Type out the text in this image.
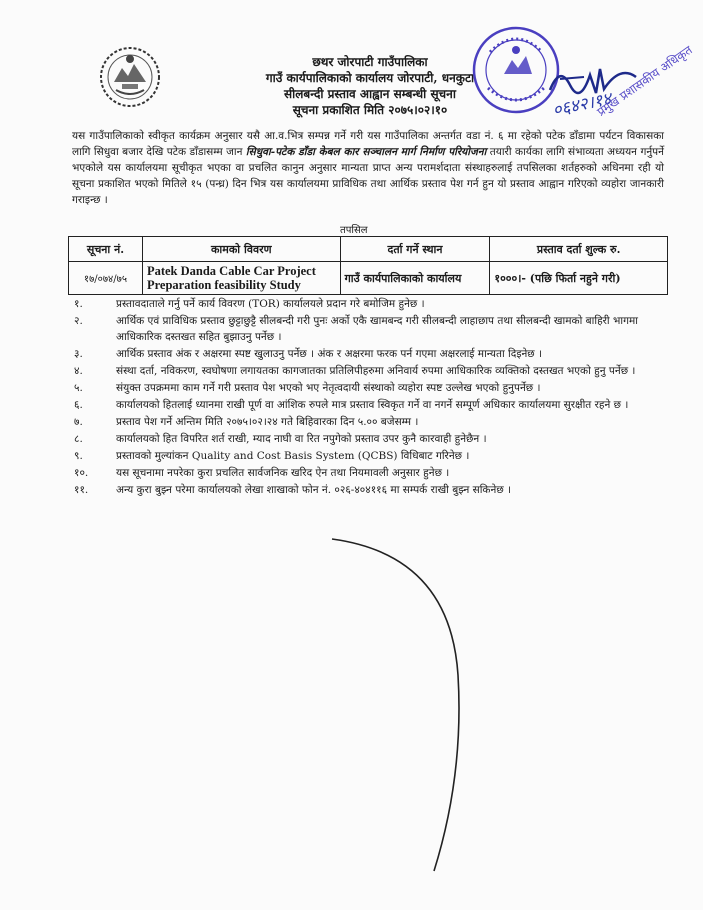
छथर जोरपाटी गाउँपालिका
गाउँ कार्यपालिकाको कार्यालय जोरपाटी, धनकुटा
सीलबन्दी प्रस्ताव आह्वान सम्बन्धी सूचना
सूचना प्रकाशित मिति २०७५।०२।१०	०६४२।१४
प्रमुख प्रशासकीय अधिकृत
यस गाउँपालिकाको स्वीकृत कार्यक्रम अनुसार यसै आ.व.भित्र सम्पन्न गर्ने गरी यस गाउँपालिका अन्तर्गत वडा नं. ६ मा रहेको पटेक डाँडामा पर्यटन विकासका लागि सिधुवा बजार देखि पटेक डाँडासम्म जान सिधुवा-पटेक डाँडा केबल कार सञ्चालन मार्ग निर्माण परियोजना तयारी कार्यका लागि संभाव्यता अध्ययन गर्नुपर्ने भएकोले यस कार्यालयमा सूचीकृत भएका वा प्रचलित कानुन अनुसार मान्यता प्राप्त अन्य परामर्शदाता संस्थाहरुलाई तपसिलका शर्तहरुको अधिनमा रही यो सूचना प्रकाशित भएको मितिले १५ (पन्ध्र) दिन भित्र यस कार्यालयमा प्राविधिक तथा आर्थिक प्रस्ताव पेश गर्न हुन यो प्रस्ताव आह्वान गरिएको व्यहोरा जानकारी गराइन्छ ।
तपसिल
सूचना नं.	कामको विवरण	दर्ता गर्ने स्थान	प्रस्ताव दर्ता शुल्क रु.
१७/०७४/७५	Patek Danda Cable Car Project Preparation feasibility Study	गाउँ कार्यपालिकाको कार्यालय	१०००।- (पछि फिर्ता नहुने गरी)
१.	प्रस्तावदाताले गर्नु पर्ने कार्य विवरण (TOR) कार्यालयले प्रदान गरे बमोजिम हुनेछ ।
२.	आर्थिक एवं प्राविधिक प्रस्ताव छुट्टाछुट्टै सीलबन्दी गरी पुनः अर्को एकै खामबन्द गरी सीलबन्दी लाहाछाप तथा सीलबन्दी खामको बाहिरी भागमा आधिकारिक दस्तखत सहित बुझाउनु पर्नेछ ।
३.	आर्थिक प्रस्ताव अंक र अक्षरमा स्पष्ट खुलाउनु पर्नेछ । अंक र अक्षरमा फरक पर्न गएमा अक्षरलाई मान्यता दिइनेछ ।
४.	संस्था दर्ता, नविकरण, स्वघोषणा लगायतका कागजातका प्रतिलिपीहरुमा अनिवार्य रुपमा आधिकारिक व्यक्तिको दस्तखत भएको हुनु पर्नेछ ।
५.	संयुक्त उपक्रममा काम गर्ने गरी प्रस्ताव पेश भएको भए नेतृत्वदायी संस्थाको व्यहोरा स्पष्ट उल्लेख भएको हुनुपर्नेछ ।
६.	कार्यालयको हितलाई ध्यानमा राखी पूर्ण वा आंशिक रुपले मात्र प्रस्ताव स्विकृत गर्ने वा नगर्ने सम्पूर्ण अधिकार कार्यालयमा सुरक्षीत रहने छ ।
७.	प्रस्ताव पेश गर्ने अन्तिम मिति २०७५।०२।२४ गते बिहिवारका दिन ५.०० बजेसम्म ।
८.	कार्यालयको हित विपरित शर्त राखी, म्याद नाघी वा रित नपुगेको प्रस्ताव उपर कुनै कारवाही हुनेछैन ।
९.	प्रस्तावको मुल्यांकन Quality and Cost Basis System (QCBS) विधिबाट गरिनेछ ।
१०.	यस सूचनामा नपरेका कुरा प्रचलित सार्वजनिक खरिद ऐन तथा नियमावली अनुसार हुनेछ ।
११.	अन्य कुरा बुझ्न परेमा कार्यालयको लेखा शाखाको फोन नं. ०२६-४०४११६ मा सम्पर्क राखी बुझ्न सकिनेछ ।
